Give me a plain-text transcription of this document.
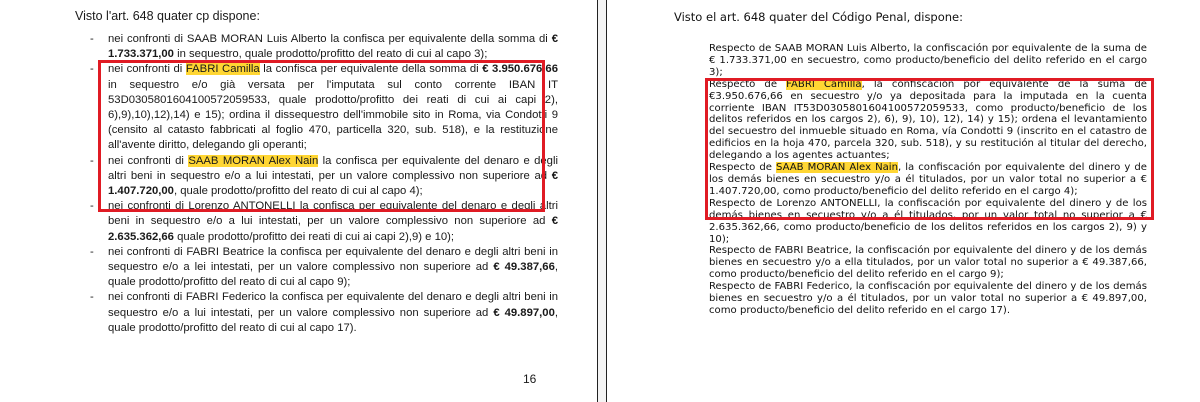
Visto l'art. 648 quater cp dispone:
- nei confronti di SAAB MORAN Luis Alberto la confisca per equivalente della somma di € 1.733.371,00 in sequestro, quale prodotto/profitto del reato di cui al capo 3);
- nei confronti di FABRI Camilla la confisca per equivalente della somma di € 3.950.676,66 in sequestro e/o già versata per l'imputata sul conto corrente IBAN IT 53D0305801604100572059533, quale prodotto/profitto dei reati di cui ai capi 2), 6),9),10),12),14) e 15); ordina il dissequestro dell'immobile sito in Roma, via Condotti 9 (censito al catasto fabbricati al foglio 470, particella 320, sub. 518), e la restituzione all'avente diritto, delegando gli operanti;
- nei confronti di SAAB MORAN Alex Nain la confisca per equivalente del denaro e degli altri beni in sequestro e/o a lui intestati, per un valore complessivo non superiore ad € 1.407.720,00, quale prodotto/profitto del reato di cui al capo 4);
- nei confronti di Lorenzo ANTONELLI la confisca per equivalente del denaro e degli altri beni in sequestro e/o a lui intestati, per un valore complessivo non superiore ad € 2.635.362,66 quale prodotto/profitto dei reati di cui ai capi 2),9) e 10);
- nei confronti di FABRI Beatrice la confisca per equivalente del denaro e degli altri beni in sequestro e/o a lei intestati, per un valore complessivo non superiore ad € 49.387,66, quale prodotto/profitto del reato di cui al capo 9);
- nei confronti di FABRI Federico la confisca per equivalente del denaro e degli altri beni in sequestro e/o a lui intestati, per un valore complessivo non superiore ad € 49.897,00, quale prodotto/profitto del reato di cui al capo 17).
16
Visto el art. 648 quater del Código Penal, dispone:
Respecto de SAAB MORAN Luis Alberto, la confiscación por equivalente de la suma de € 1.733.371,00 en secuestro, como producto/beneficio del delito referido en el cargo 3);
Respecto de FABRI Camilla, la confiscación por equivalente de la suma de €3.950.676,66 en secuestro y/o ya depositada para la imputada en la cuenta corriente IBAN IT53D0305801604100572059533, como producto/beneficio de los delitos referidos en los cargos 2), 6), 9), 10), 12), 14) y 15); ordena el levantamiento del secuestro del inmueble situado en Roma, vía Condotti 9 (inscrito en el catastro de edificios en la hoja 470, parcela 320, sub. 518), y su restitución al titular del derecho, delegando a los agentes actuantes;
Respecto de SAAB MORAN Alex Nain, la confiscación por equivalente del dinero y de los demás bienes en secuestro y/o a él titulados, por un valor total no superior a € 1.407.720,00, como producto/beneficio del delito referido en el cargo 4);
Respecto de Lorenzo ANTONELLI, la confiscación por equivalente del dinero y de los demás bienes en secuestro y/o a él titulados, por un valor total no superior a € 2.635.362,66, como producto/beneficio de los delitos referidos en los cargos 2), 9) y 10);
Respecto de FABRI Beatrice, la confiscación por equivalente del dinero y de los demás bienes en secuestro y/o a ella titulados, por un valor total no superior a € 49.387,66, como producto/beneficio del delito referido en el cargo 9);
Respecto de FABRI Federico, la confiscación por equivalente del dinero y de los demás bienes en secuestro y/o a él titulados, por un valor total no superior a € 49.897,00, como producto/beneficio del delito referido en el cargo 17).
